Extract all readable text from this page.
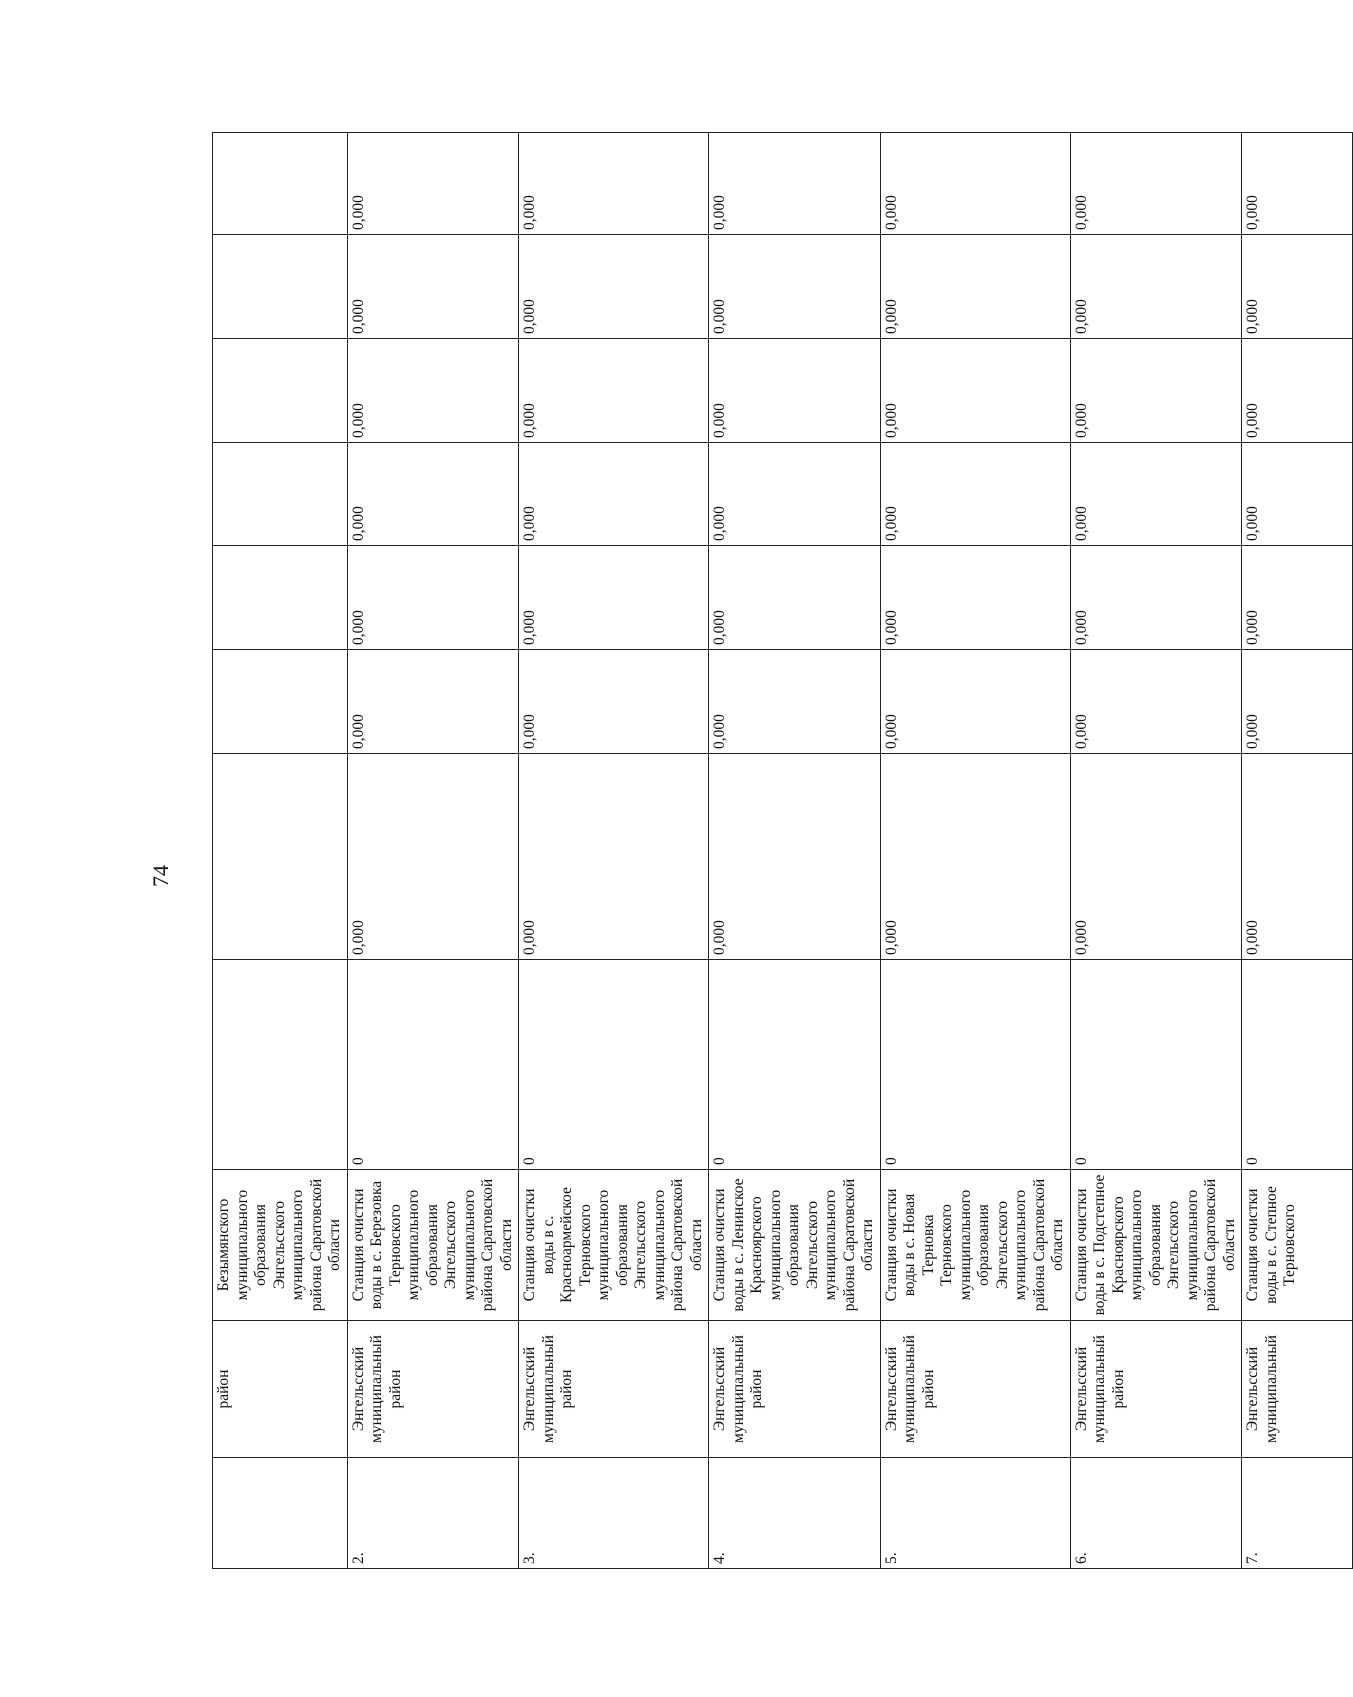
74
	район	Безымянского муниципального образования Энгельсского муниципального района Саратовской области								
2.	Энгельсский муниципальный район	Станция очистки воды в с. Березовка Терновского муниципального образования Энгельсского муниципального района Саратовской области	0	0,000	0,000	0,000	0,000	0,000	0,000	0,000
3.	Энгельсский муниципальный район	Станция очистки воды в с. Красноармейское Терновского муниципального образования Энгельсского муниципального района Саратовской области	0	0,000	0,000	0,000	0,000	0,000	0,000	0,000
4.	Энгельсский муниципальный район	Станция очистки воды в с. Ленинское Красноярского муниципального образования Энгельсского муниципального района Саратовской области	0	0,000	0,000	0,000	0,000	0,000	0,000	0,000
5.	Энгельсский муниципальный район	Станция очистки воды в с. Новая Терновка Терновского муниципального образования Энгельсского муниципального района Саратовской области	0	0,000	0,000	0,000	0,000	0,000	0,000	0,000
6.	Энгельсский муниципальный район	Станция очистки воды в с. Подстепное Красноярского муниципального образования Энгельсского муниципального района Саратовской области	0	0,000	0,000	0,000	0,000	0,000	0,000	0,000
7.	Энгельсский муниципальный	Станция очистки воды в с. Степное Терновского	0	0,000	0,000	0,000	0,000	0,000	0,000	0,000
